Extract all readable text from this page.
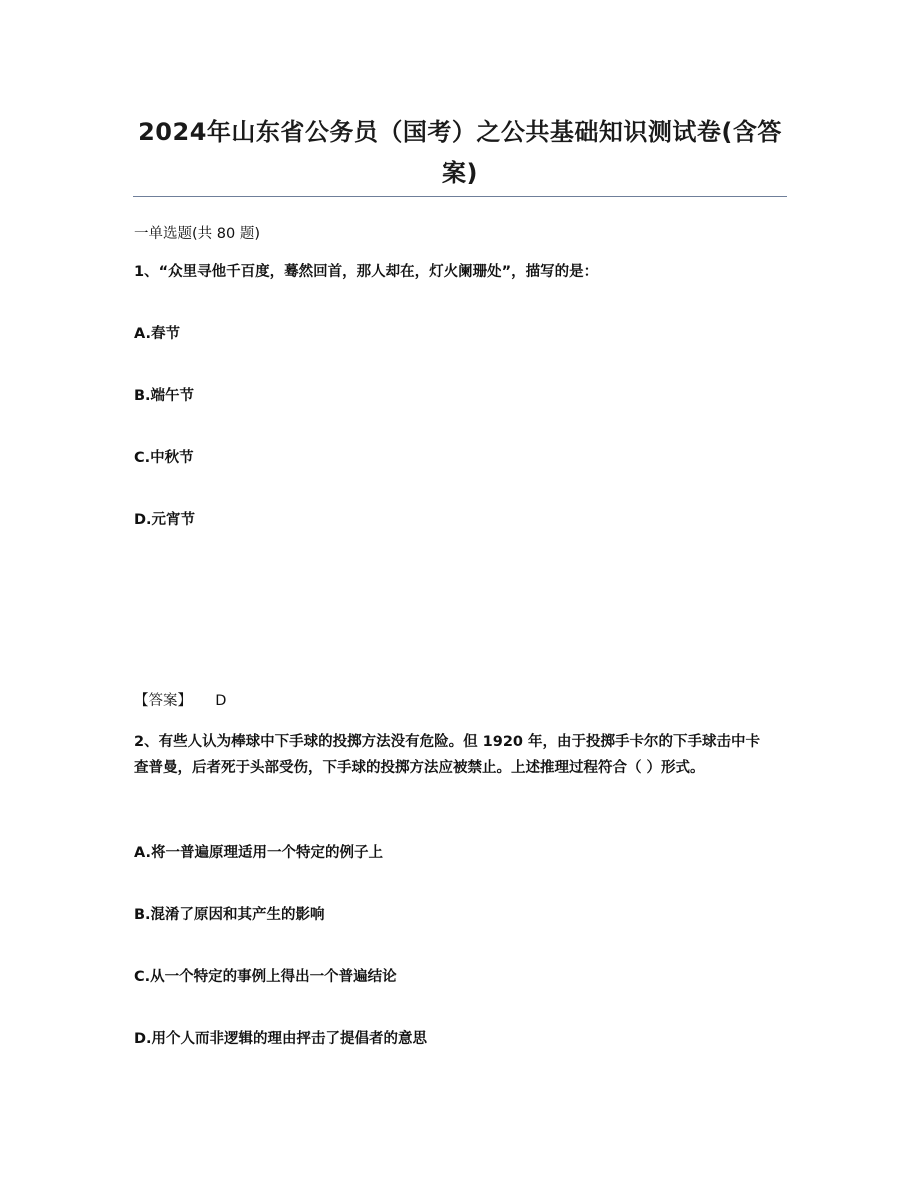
2024年山东省公务员（国考）之公共基础知识测试卷(含答案)
一单选题(共 80 题)
1、“众里寻他千百度，蓦然回首，那人却在，灯火阑珊处”，描写的是：
A.春节
B.端午节
C.中秋节
D.元宵节
【答案】 D
2、有些人认为棒球中下手球的投掷方法没有危险。但 1920 年，由于投掷手卡尔的下手球击中卡查普曼，后者死于头部受伤，下手球的投掷方法应被禁止。上述推理过程符合（ ）形式。
A.将一普遍原理适用一个特定的例子上
B.混淆了原因和其产生的影响
C.从一个特定的事例上得出一个普遍结论
D.用个人而非逻辑的理由抨击了提倡者的意思
